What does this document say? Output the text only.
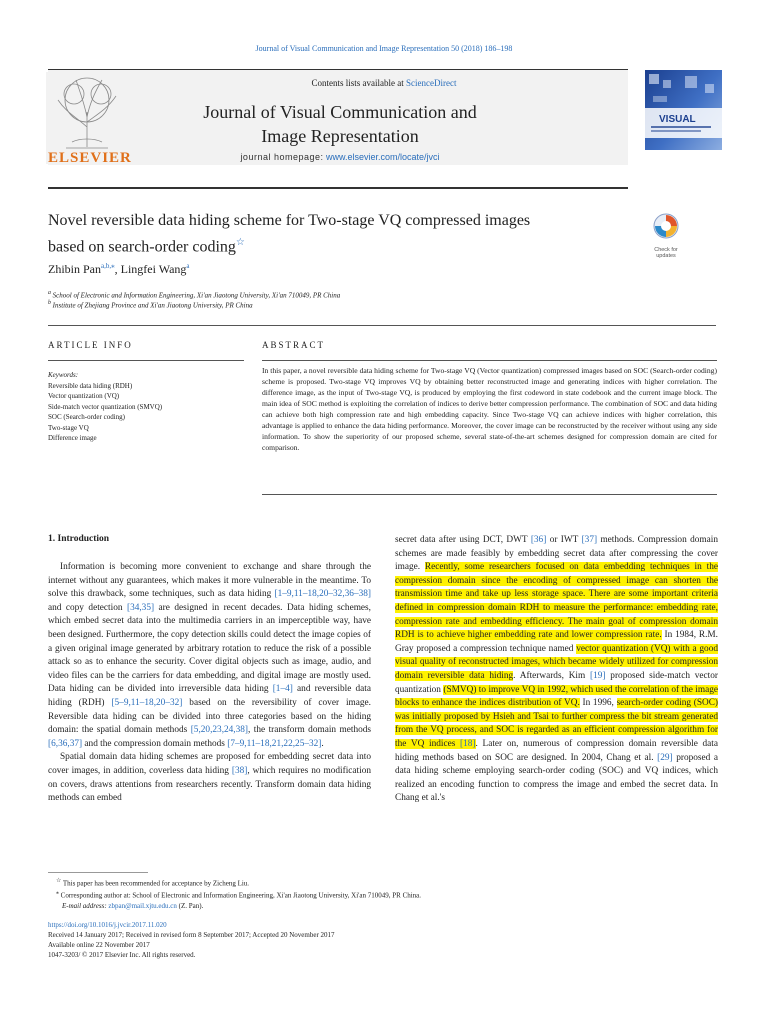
Journal of Visual Communication and Image Representation 50 (2018) 186–198
ELSEVIER
Contents lists available at ScienceDirect
Journal of Visual Communication and
Image Representation
journal homepage: www.elsevier.com/locate/jvci
VISUAL
Novel reversible data hiding scheme for Two-stage VQ compressed images
based on search-order coding☆
Check for updates
Zhibin Pan$^{a,b,⁎}$, Lingfei Wang$^a$
$^a$ School of Electronic and Information Engineering, Xi'an Jiaotong University, Xi'an 710049, PR China
$^b$ Institute of Zhejiang Province and Xi'an Jiaotong University, PR China
ARTICLE INFO	ABSTRACT
Keywords:
Reversible data hiding (RDH)
Vector quantization (VQ)
Side-match vector quantization (SMVQ)
SOC (Search-order coding)
Two-stage VQ
Difference image
In this paper, a novel reversible data hiding scheme for Two-stage VQ (Vector quantization) compressed images based on SOC (Search-order coding) scheme is proposed. Two-stage VQ improves VQ by obtaining better reconstructed image and generating indices with higher correlation. The difference image, as the input of Two-stage VQ, is produced by employing the first codeword in state codebook and the current image block. The main idea of SOC method is exploiting the correlation of indices to derive better compression performance. The combination of SOC and data hiding can achieve both high compression rate and high embedding capacity. Since Two-stage VQ can achieve indices with higher correlation, this advantage is applied to enhance the data hiding performance. Moreover, the cover image can be reconstructed by the receiver without using any side information. To show the superiority of our proposed scheme, several state-of-the-art schemes designed for compression domain are cited for comparison.
1. Introduction

Information is becoming more convenient to exchange and share through the internet without any guarantees, which makes it more vulnerable in the meantime. To solve this drawback, some techniques, such as data hiding [1–9,11–18,20–32,36–38] and copy detection [34,35] are designed in recent decades. Data hiding schemes, which embed secret data into the multimedia carriers in an imperceptible way, have been designed. Furthermore, the copy detection skills could detect the image copies of a given original image generated by arbitrary rotation to reduce the risk of a possible attack so as to enhance the security. Cover digital objects such as image, audio, and video files can be the carriers for data embedding, and digital image are mostly used. Data hiding can be divided into irreversible data hiding [1–4] and reversible data hiding (RDH) [5–9,11–18,20–32] based on the reversibility of cover image. Reversible data hiding can be divided into three categories based on the hiding domain: the spatial domain methods [5,20,23,24,38], the transform domain methods [6,36,37] and the compression domain methods [7–9,11–18,21,22,25–32].

Spatial domain data hiding schemes are proposed for embedding secret data into cover images, in addition, coverless data hiding [38], which requires no modification on covers, draws attentions from researchers recently. Transform domain data hiding methods can embed

secret data after using DCT, DWT [36] or IWT [37] methods. Compression domain schemes are made feasibly by embedding secret data after compressing the cover image. Recently, some researchers focused on data embedding techniques in the compression domain since the encoding of compressed image can shorten the transmission time and take up less storage space. There are some important criteria defined in compression domain RDH to measure the performance: embedding rate, compression rate and embedding efficiency. The main goal of compression domain RDH is to achieve higher embedding rate and lower compression rate. In 1984, R.M. Gray proposed a compression technique named vector quantization (VQ) with a good visual quality of reconstructed images, which became widely utilized for compression domain reversible data hiding. Afterwards, Kim [19] proposed side-match vector quantization (SMVQ) to improve VQ in 1992, which used the correlation of the image blocks to enhance the indices distribution of VQ. In 1996, search-order coding (SOC) was initially proposed by Hsieh and Tsai to further compress the bit stream generated from the VQ process, and SOC is regarded as an efficient compression algorithm for the VQ indices [18]. Later on, numerous of compression domain reversible data hiding methods based on SOC are designed. In 2004, Chang et al. [29] proposed a data hiding scheme employing search-order coding (SOC) and VQ indices, which realized an encoding function to compress the image and embed the secret data. In Chang et al.'s

☆ This paper has been recommended for acceptance by Zicheng Liu.
⁎ Corresponding author at: School of Electronic and Information Engineering, Xi'an Jiaotong University, Xi'an 710049, PR China.
E-mail address: zbpan@mail.xjtu.edu.cn (Z. Pan).
https://doi.org/10.1016/j.jvcir.2017.11.020
Received 14 January 2017; Received in revised form 8 September 2017; Accepted 20 November 2017
Available online 22 November 2017
1047-3203/ © 2017 Elsevier Inc. All rights reserved.
